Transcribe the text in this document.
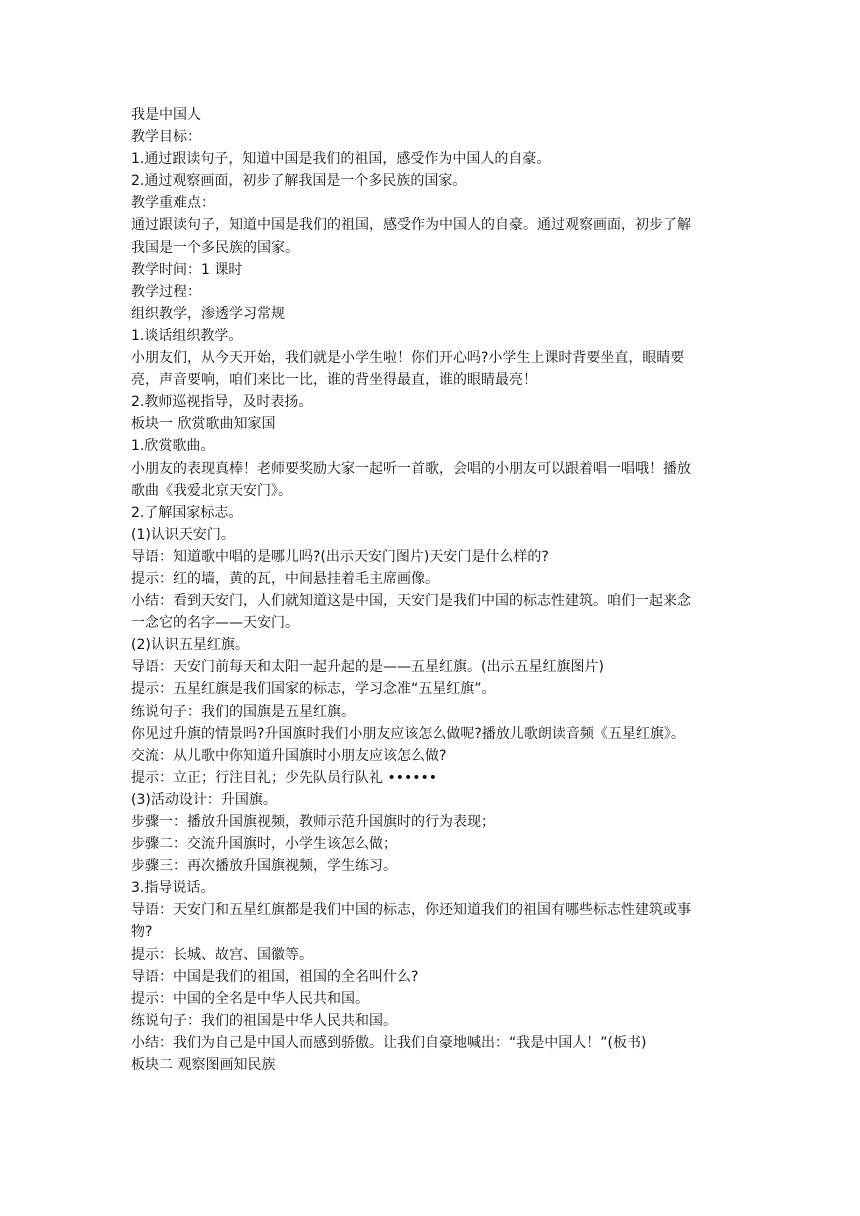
我是中国人
教学目标：
1.通过跟读句子，知道中国是我们的祖国，感受作为中国人的自豪。
2.通过观察画面，初步了解我国是一个多民族的国家。
教学重难点：
通过跟读句子，知道中国是我们的祖国，感受作为中国人的自豪。通过观察画面，初步了解
我国是一个多民族的国家。
教学时间：1 课时
教学过程：
组织教学，渗透学习常规
1.谈话组织教学。
小朋友们，从今天开始，我们就是小学生啦！你们开心吗?小学生上课时背要坐直，眼睛要
亮，声音要响，咱们来比一比，谁的背坐得最直，谁的眼睛最亮！
2.教师巡视指导，及时表扬。
板块一 欣赏歌曲知家国
1.欣赏歌曲。
小朋友的表现真棒！老师要奖励大家一起听一首歌，会唱的小朋友可以跟着唱一唱哦！播放
歌曲《我爱北京天安门》。
2.了解国家标志。
(1)认识天安门。
导语：知道歌中唱的是哪儿吗?(出示天安门图片)天安门是什么样的?
提示：红的墙，黄的瓦，中间悬挂着毛主席画像。
小结：看到天安门，人们就知道这是中国，天安门是我们中国的标志性建筑。咱们一起来念
一念它的名字——天安门。
(2)认识五星红旗。
导语：天安门前每天和太阳一起升起的是——五星红旗。(出示五星红旗图片)
提示：五星红旗是我们国家的标志，学习念准“五星红旗”。
练说句子：我们的国旗是五星红旗。
你见过升旗的情景吗?升国旗时我们小朋友应该怎么做呢?播放儿歌朗读音频《五星红旗》。
交流：从儿歌中你知道升国旗时小朋友应该怎么做?
提示：立正；行注目礼；少先队员行队礼 ••••••
(3)活动设计：升国旗。
步骤一：播放升国旗视频，教师示范升国旗时的行为表现；
步骤二：交流升国旗时，小学生该怎么做；
步骤三：再次播放升国旗视频，学生练习。
3.指导说话。
导语：天安门和五星红旗都是我们中国的标志，你还知道我们的祖国有哪些标志性建筑或事
物?
提示：长城、故宫、国徽等。
导语：中国是我们的祖国，祖国的全名叫什么?
提示：中国的全名是中华人民共和国。
练说句子：我们的祖国是中华人民共和国。
小结：我们为自己是中国人而感到骄傲。让我们自豪地喊出：“我是中国人！”(板书)
板块二 观察图画知民族
